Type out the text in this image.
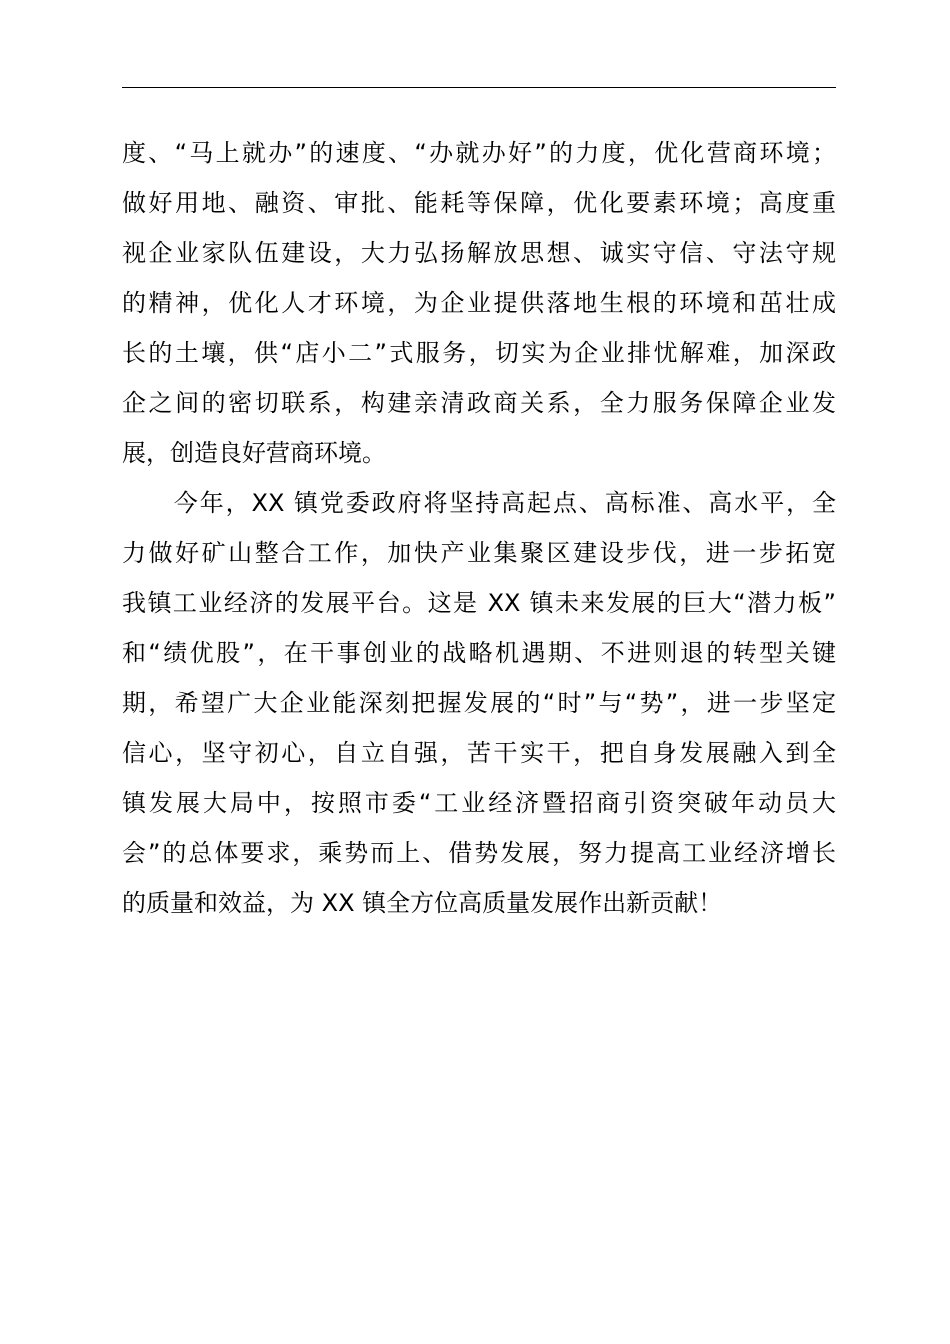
度、“马上就办”的速度、“办就办好”的力度，优化营商环境；
做好用地、融资、审批、能耗等保障，优化要素环境；高度重
视企业家队伍建设，大力弘扬解放思想、诚实守信、守法守规
的精神，优化人才环境，为企业提供落地生根的环境和茁壮成
长的土壤，供“店小二”式服务，切实为企业排忧解难，加深政
企之间的密切联系，构建亲清政商关系，全力服务保障企业发
展，创造良好营商环境。
　　今年，XX 镇党委政府将坚持高起点、高标准、高水平，全
力做好矿山整合工作，加快产业集聚区建设步伐，进一步拓宽
我镇工业经济的发展平台。这是 XX 镇未来发展的巨大“潜力板”
和“绩优股”，在干事创业的战略机遇期、不进则退的转型关键
期，希望广大企业能深刻把握发展的“时”与“势”，进一步坚定
信心，坚守初心，自立自强，苦干实干，把自身发展融入到全
镇发展大局中，按照市委“工业经济暨招商引资突破年动员大
会”的总体要求，乘势而上、借势发展，努力提高工业经济增长
的质量和效益，为 XX 镇全方位高质量发展作出新贡献！
